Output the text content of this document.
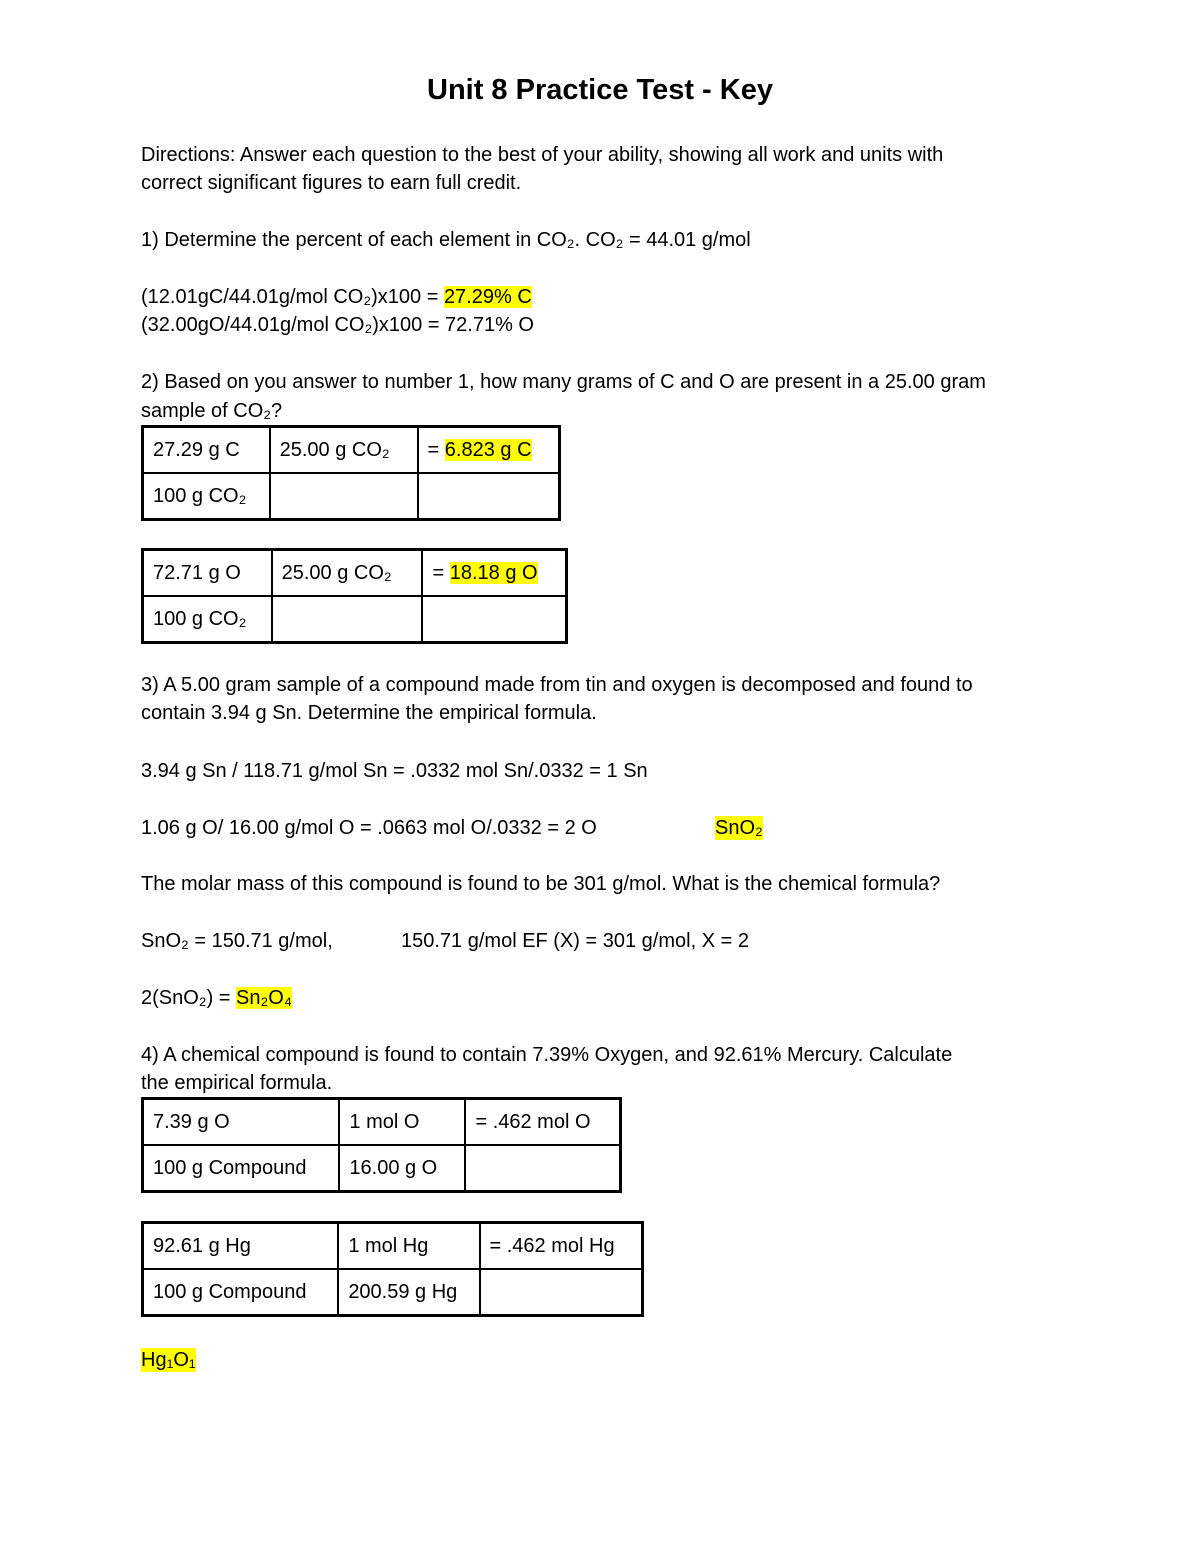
Unit 8 Practice Test - Key
Directions: Answer each question to the best of your ability, showing all work and units with
correct significant figures to earn full credit.
1) Determine the percent of each element in CO₂. CO₂ = 44.01 g/mol
(12.01gC/44.01g/mol CO₂)x100 = 27.29% C
(32.00gO/44.01g/mol CO₂)x100 = 72.71% O
2) Based on you answer to number 1, how many grams of C and O are present in a 25.00 gram
sample of CO₂?
27.29 g C	25.00 g CO₂	= 6.823 g C
100 g CO₂		
72.71 g O	25.00 g CO₂	= 18.18 g O
100 g CO₂		
3) A 5.00 gram sample of a compound made from tin and oxygen is decomposed and found to
contain 3.94 g Sn. Determine the empirical formula.
3.94 g Sn / 118.71 g/mol Sn = .0332 mol Sn/.0332 = 1 Sn
1.06 g O/ 16.00 g/mol O = .0663 mol O/.0332 = 2 O	SnO₂
The molar mass of this compound is found to be 301 g/mol. What is the chemical formula?
SnO₂ = 150.71 g/mol,	150.71 g/mol EF (X) = 301 g/mol, X = 2
2(SnO₂) = Sn₂O₄
4) A chemical compound is found to contain 7.39% Oxygen, and 92.61% Mercury. Calculate
the empirical formula.
7.39 g O	1 mol O	= .462 mol O
100 g Compound	16.00 g O	
92.61 g Hg	1 mol Hg	= .462 mol Hg
100 g Compound	200.59 g Hg	
Hg₁O₁
